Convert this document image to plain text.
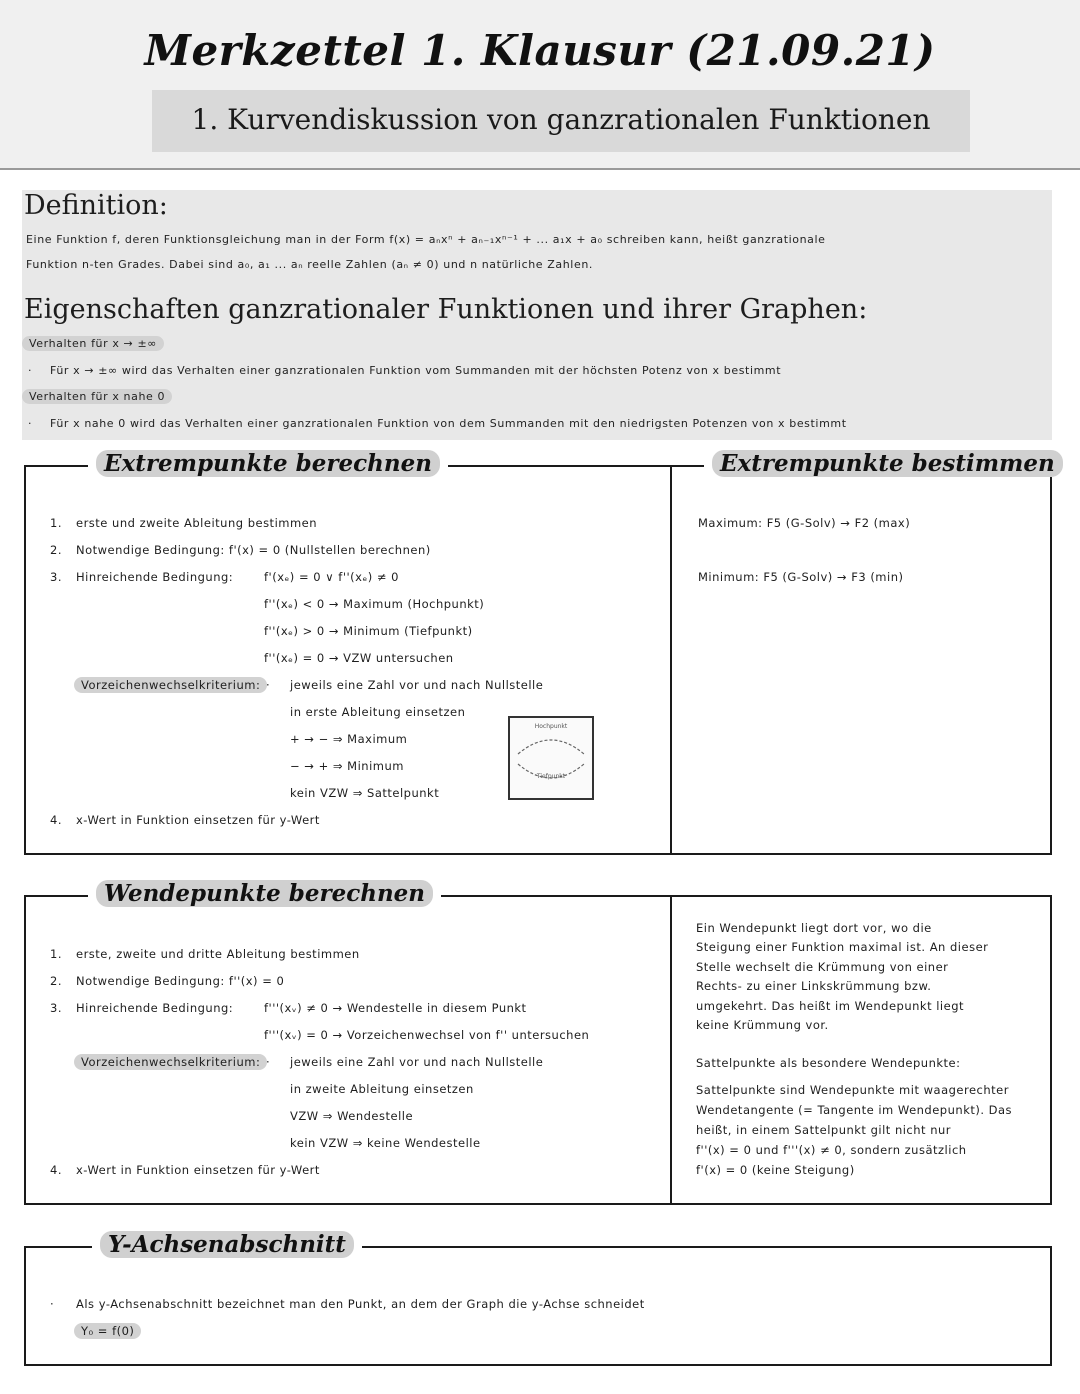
Merkzettel 1. Klausur (21.09.21)
1. Kurvendiskussion von ganzrationalen Funktionen
Definition:
Eine Funktion f, deren Funktionsgleichung man in der Form f(x) = aₙxⁿ + aₙ₋₁xⁿ⁻¹ + ... a₁x + a₀ schreiben kann, heißt ganzrationale
Funktion n-ten Grades. Dabei sind a₀, a₁ ... aₙ reelle Zahlen (aₙ ≠ 0) und n natürliche Zahlen.
Eigenschaften ganzrationaler Funktionen und ihrer Graphen:
Verhalten für x → ±∞
· Für x → ±∞ wird das Verhalten einer ganzrationalen Funktion vom Summanden mit der höchsten Potenz von x bestimmt
Verhalten für x nahe 0
· Für x nahe 0 wird das Verhalten einer ganzrationalen Funktion von dem Summanden mit den niedrigsten Potenzen von x bestimmt
Extrempunkte berechnen	Extrempunkte bestimmen
1. erste und zweite Ableitung bestimmen
2. Notwendige Bedingung: f'(x) = 0 (Nullstellen berechnen)
3. Hinreichende Bedingung:	f'(xₑ) = 0 ∨ f''(xₑ) ≠ 0
f''(xₑ) < 0 → Maximum (Hochpunkt)
f''(xₑ) > 0 → Minimum (Tiefpunkt)
f''(xₑ) = 0 → VZW untersuchen
Vorzeichenwechselkriterium: · jeweils eine Zahl vor und nach Nullstelle
in erste Ableitung einsetzen
+ → − ⇒ Maximum
− → + ⇒ Minimum
kein VZW ⇒ Sattelpunkt
4. x-Wert in Funktion einsetzen für y-Wert
Hochpunkt
Tiefpunkt
Maximum: F5 (G-Solv) → F2 (max)
Minimum: F5 (G-Solv) → F3 (min)
Wendepunkte berechnen
1. erste, zweite und dritte Ableitung bestimmen
2. Notwendige Bedingung: f''(x) = 0
3. Hinreichende Bedingung:	f'''(xᵥ) ≠ 0 → Wendestelle in diesem Punkt
f'''(xᵥ) = 0 → Vorzeichenwechsel von f'' untersuchen
Vorzeichenwechselkriterium: · jeweils eine Zahl vor und nach Nullstelle
in zweite Ableitung einsetzen
VZW ⇒ Wendestelle
kein VZW ⇒ keine Wendestelle
4. x-Wert in Funktion einsetzen für y-Wert
Ein Wendepunkt liegt dort vor, wo die
Steigung einer Funktion maximal ist. An dieser
Stelle wechselt die Krümmung von einer
Rechts- zu einer Linkskrümmung bzw.
umgekehrt. Das heißt im Wendepunkt liegt
keine Krümmung vor.
Sattelpunkte als besondere Wendepunkte:
Sattelpunkte sind Wendepunkte mit waagerechter
Wendetangente (= Tangente im Wendepunkt). Das
heißt, in einem Sattelpunkt gilt nicht nur
f''(x) = 0 und f'''(x) ≠ 0, sondern zusätzlich
f'(x) = 0 (keine Steigung)
Y-Achsenabschnitt
· Als y-Achsenabschnitt bezeichnet man den Punkt, an dem der Graph die y-Achse schneidet
Y₀ = f(0)
